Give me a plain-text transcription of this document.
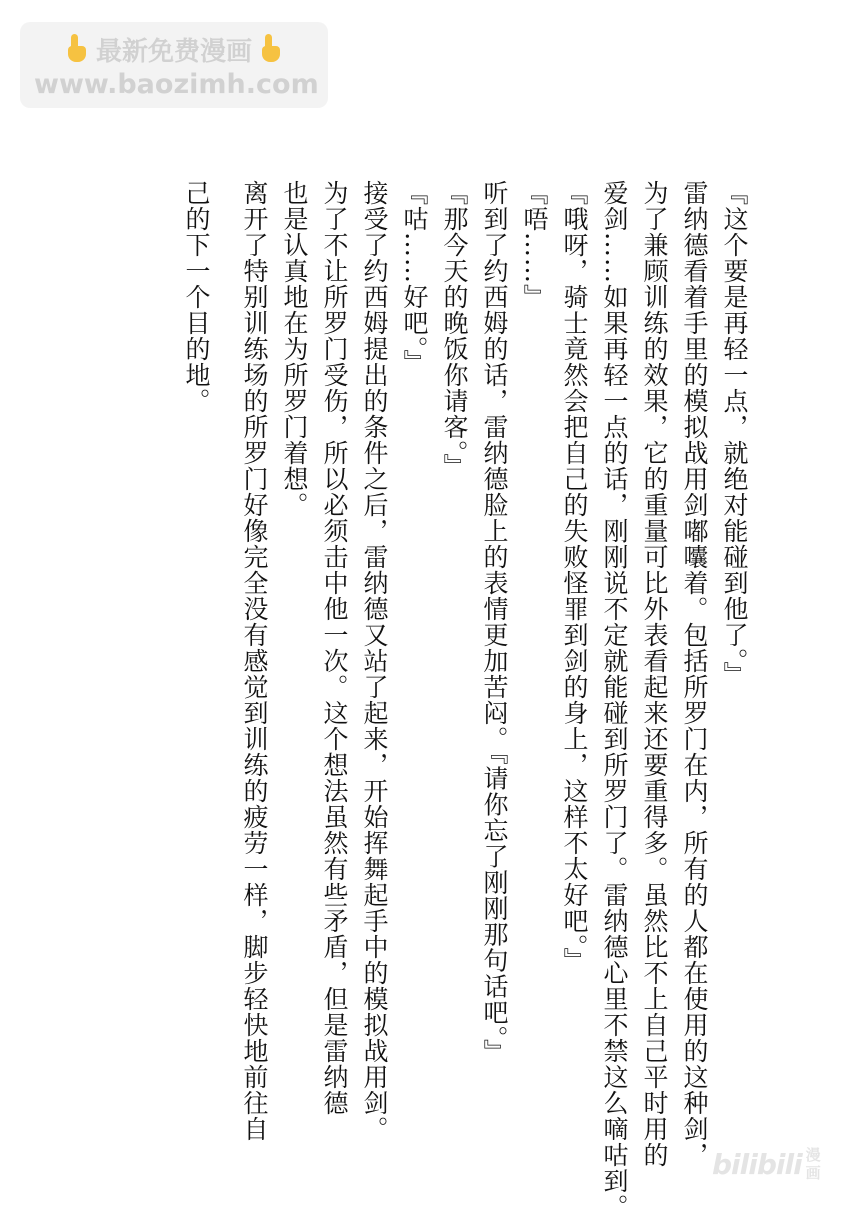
最新免费漫画
www.baozimh.com

『这个要是再轻一点，就绝对能碰到他了。』

雷纳德看着手里的模拟战用剑嘟囔着。包括所罗门在内，所有的人都在使用的这种剑，

为了兼顾训练的效果，它的重量可比外表看起来还要重得多。虽然比不上自己平时用的

爱剑……如果再轻一点的话，刚刚说不定就能碰到所罗门了。雷纳德心里不禁这么嘀咕到。

『哦呀，骑士竟然会把自己的失败怪罪到剑的身上，这样不太好吧。』

『唔……』

听到了约西姆的话，雷纳德脸上的表情更加苦闷。『请你忘了刚刚那句话吧。』

『那今天的晚饭你请客。』

『咕……好吧。』

接受了约西姆提出的条件之后，雷纳德又站了起来，开始挥舞起手中的模拟战用剑。

为了不让所罗门受伤，所以必须击中他一次。这个想法虽然有些矛盾，但是雷纳德

也是认真地在为所罗门着想。

离开了特别训练场的所罗门好像完全没有感觉到训练的疲劳一样，脚步轻快地前往自

己的下一个目的地。

bilibili 漫
画
